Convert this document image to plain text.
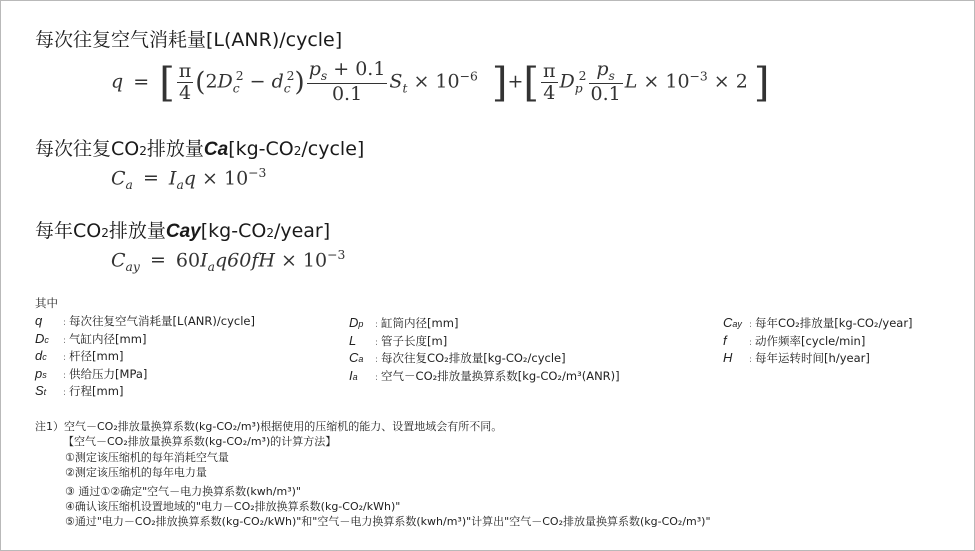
每次往复空气消耗量[L(ANR)/cycle]
q = [ $\frac{\pi}{4} (2D_c^2 - d_c^2) \frac{p_s + 0.1}{0.1} S_t \times 10^{-6}$ ]+[ $\frac{\pi}{4} D_p^2 \frac{p_s}{0.1}$ $L \times 10^{-3} \times 2$ ]
每次往复CO2排放量Ca[kg-CO2/cycle]
$C_a = I_aq \times 10^{-3}$
每年CO2排放量Cay[kg-CO2/year]
$C_{ay} = 60I_aq60fH \times 10^{-3}$
其中
q : 每次往复空气消耗量[L(ANR)/cycle]
Dc : 气缸内径[mm]
dc : 杆径[mm]
ps : 供给压力[MPa]
St : 行程[mm]
Dp : 缸筒内径[mm]
L : 管子长度[m]
Ca : 每次往复CO₂排放量[kg-CO₂/cycle]
Ia : 空气－CO₂排放量换算系数[kg-CO₂/m³(ANR)]
Cay : 每年CO₂排放量[kg-CO₂/year]
f : 动作频率[cycle/min]
H : 每年运转时间[h/year]
注1）空气－CO₂排放量换算系数(kg-CO₂/m³)根据使用的压缩机的能力、设置地域会有所不同。
【空气－CO₂排放量换算系数(kg-CO₂/m³)的计算方法】
①测定该压缩机的每年消耗空气量
②测定该压缩机的每年电力量
③ 通过①②确定"空气－电力换算系数(kwh/m³)"
④确认该压缩机设置地域的"电力－CO₂排放换算系数(kg-CO₂/kWh)"
⑤通过"电力－CO₂排放换算系数(kg-CO₂/kWh)"和"空气－电力换算系数(kwh/m³)"计算出"空气－CO₂排放量换算系数(kg-CO₂/m³)"
